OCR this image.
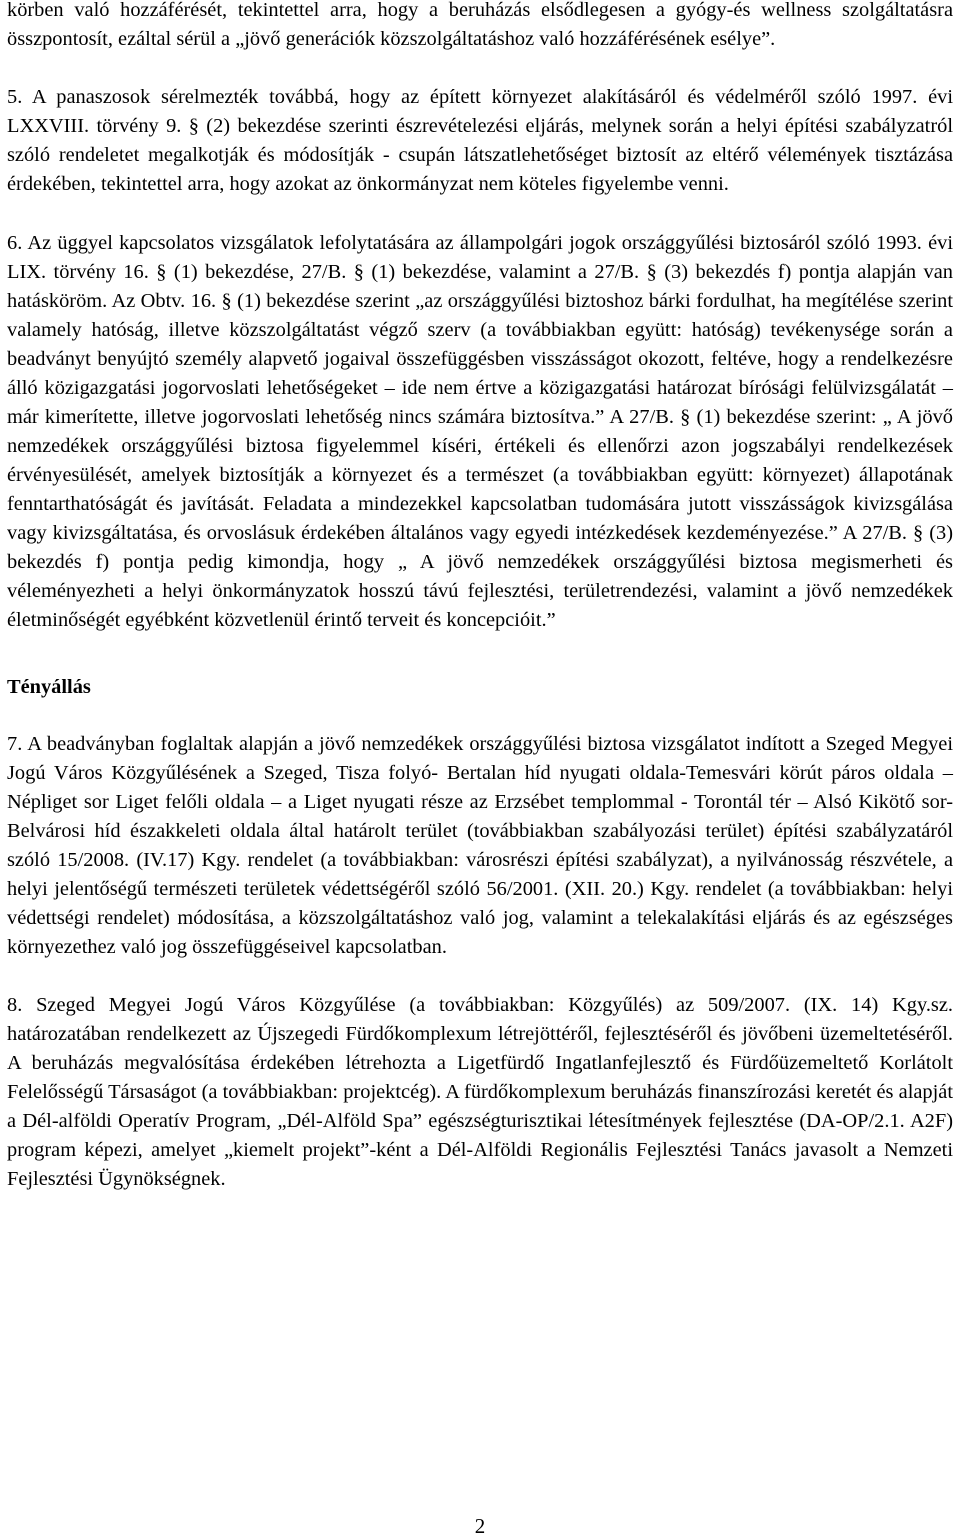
körben való hozzáférését, tekintettel arra, hogy a beruházás elsődlegesen a gyógy-és wellness szolgáltatásra összpontosít, ezáltal sérül a „jövő generációk közszolgáltatáshoz való hozzáférésének esélye”.

5. A panaszosok sérelmezték továbbá, hogy az épített környezet alakításáról és védelméről szóló 1997. évi LXXVIII. törvény 9. § (2) bekezdése szerinti észrevételezési eljárás, melynek során a helyi építési szabályzatról szóló rendeletet megalkotják és módosítják - csupán látszatlehetőséget biztosít az eltérő vélemények tisztázása érdekében, tekintettel arra, hogy azokat az önkormányzat nem köteles figyelembe venni.

6. Az üggyel kapcsolatos vizsgálatok lefolytatására az állampolgári jogok országgyűlési biztosáról szóló 1993. évi LIX. törvény 16. § (1) bekezdése, 27/B. § (1) bekezdése, valamint a 27/B. § (3) bekezdés f) pontja alapján van hatásköröm. Az Obtv. 16. § (1) bekezdése szerint „az országgyűlési biztoshoz bárki fordulhat, ha megítélése szerint valamely hatóság, illetve közszolgáltatást végző szerv (a továbbiakban együtt: hatóság) tevékenysége során a beadványt benyújtó személy alapvető jogaival összefüggésben visszásságot okozott, feltéve, hogy a rendelkezésre álló közigazgatási jogorvoslati lehetőségeket – ide nem értve a közigazgatási határozat bírósági felülvizsgálatát – már kimerítette, illetve jogorvoslati lehetőség nincs számára biztosítva.” A 27/B. § (1) bekezdése szerint: „ A jövő nemzedékek országgyűlési biztosa figyelemmel kíséri, értékeli és ellenőrzi azon jogszabályi rendelkezések érvényesülését, amelyek biztosítják a környezet és a természet (a továbbiakban együtt: környezet) állapotának fenntarthatóságát és javítását. Feladata a mindezekkel kapcsolatban tudomására jutott visszásságok kivizsgálása vagy kivizsgáltatása, és orvoslásuk érdekében általános vagy egyedi intézkedések kezdeményezése.” A 27/B. § (3) bekezdés f) pontja pedig kimondja, hogy „ A jövő nemzedékek országgyűlési biztosa megismerheti és véleményezheti a helyi önkormányzatok hosszú távú fejlesztési, területrendezési, valamint a jövő nemzedékek életminőségét egyébként közvetlenül érintő terveit és koncepcióit.”

Tényállás

7. A beadványban foglaltak alapján a jövő nemzedékek országgyűlési biztosa vizsgálatot indított a Szeged Megyei Jogú Város Közgyűlésének a Szeged, Tisza folyó- Bertalan híd nyugati oldala-Temesvári körút páros oldala – Népliget sor Liget felőli oldala – a Liget nyugati része az Erzsébet templommal - Torontál tér – Alsó Kikötő sor- Belvárosi híd északkeleti oldala által határolt terület (továbbiakban szabályozási terület) építési szabályzatáról szóló 15/2008. (IV.17) Kgy. rendelet (a továbbiakban: városrészi építési szabályzat), a nyilvánosság részvétele, a helyi jelentőségű természeti területek védettségéről szóló 56/2001. (XII. 20.) Kgy. rendelet (a továbbiakban: helyi védettségi rendelet) módosítása, a közszolgáltatáshoz való jog, valamint a telekalakítási eljárás és az egészséges környezethez való jog összefüggéseivel kapcsolatban.

8. Szeged Megyei Jogú Város Közgyűlése (a továbbiakban: Közgyűlés) az 509/2007. (IX. 14) Kgy.sz. határozatában rendelkezett az Újszegedi Fürdőkomplexum létrejöttéről, fejlesztéséről és jövőbeni üzemeltetéséről. A beruházás megvalósítása érdekében létrehozta a Ligetfürdő Ingatlanfejlesztő és Fürdőüzemeltető Korlátolt Felelősségű Társaságot (a továbbiakban: projektcég). A fürdőkomplexum beruházás finanszírozási keretét és alapját a Dél-alföldi Operatív Program, „Dél-Alföld Spa” egészségturisztikai létesítmények fejlesztése (DA-OP/2.1. A2F) program képezi, amelyet „kiemelt projekt”-ként a Dél-Alföldi Regionális Fejlesztési Tanács javasolt a Nemzeti Fejlesztési Ügynökségnek.

2
